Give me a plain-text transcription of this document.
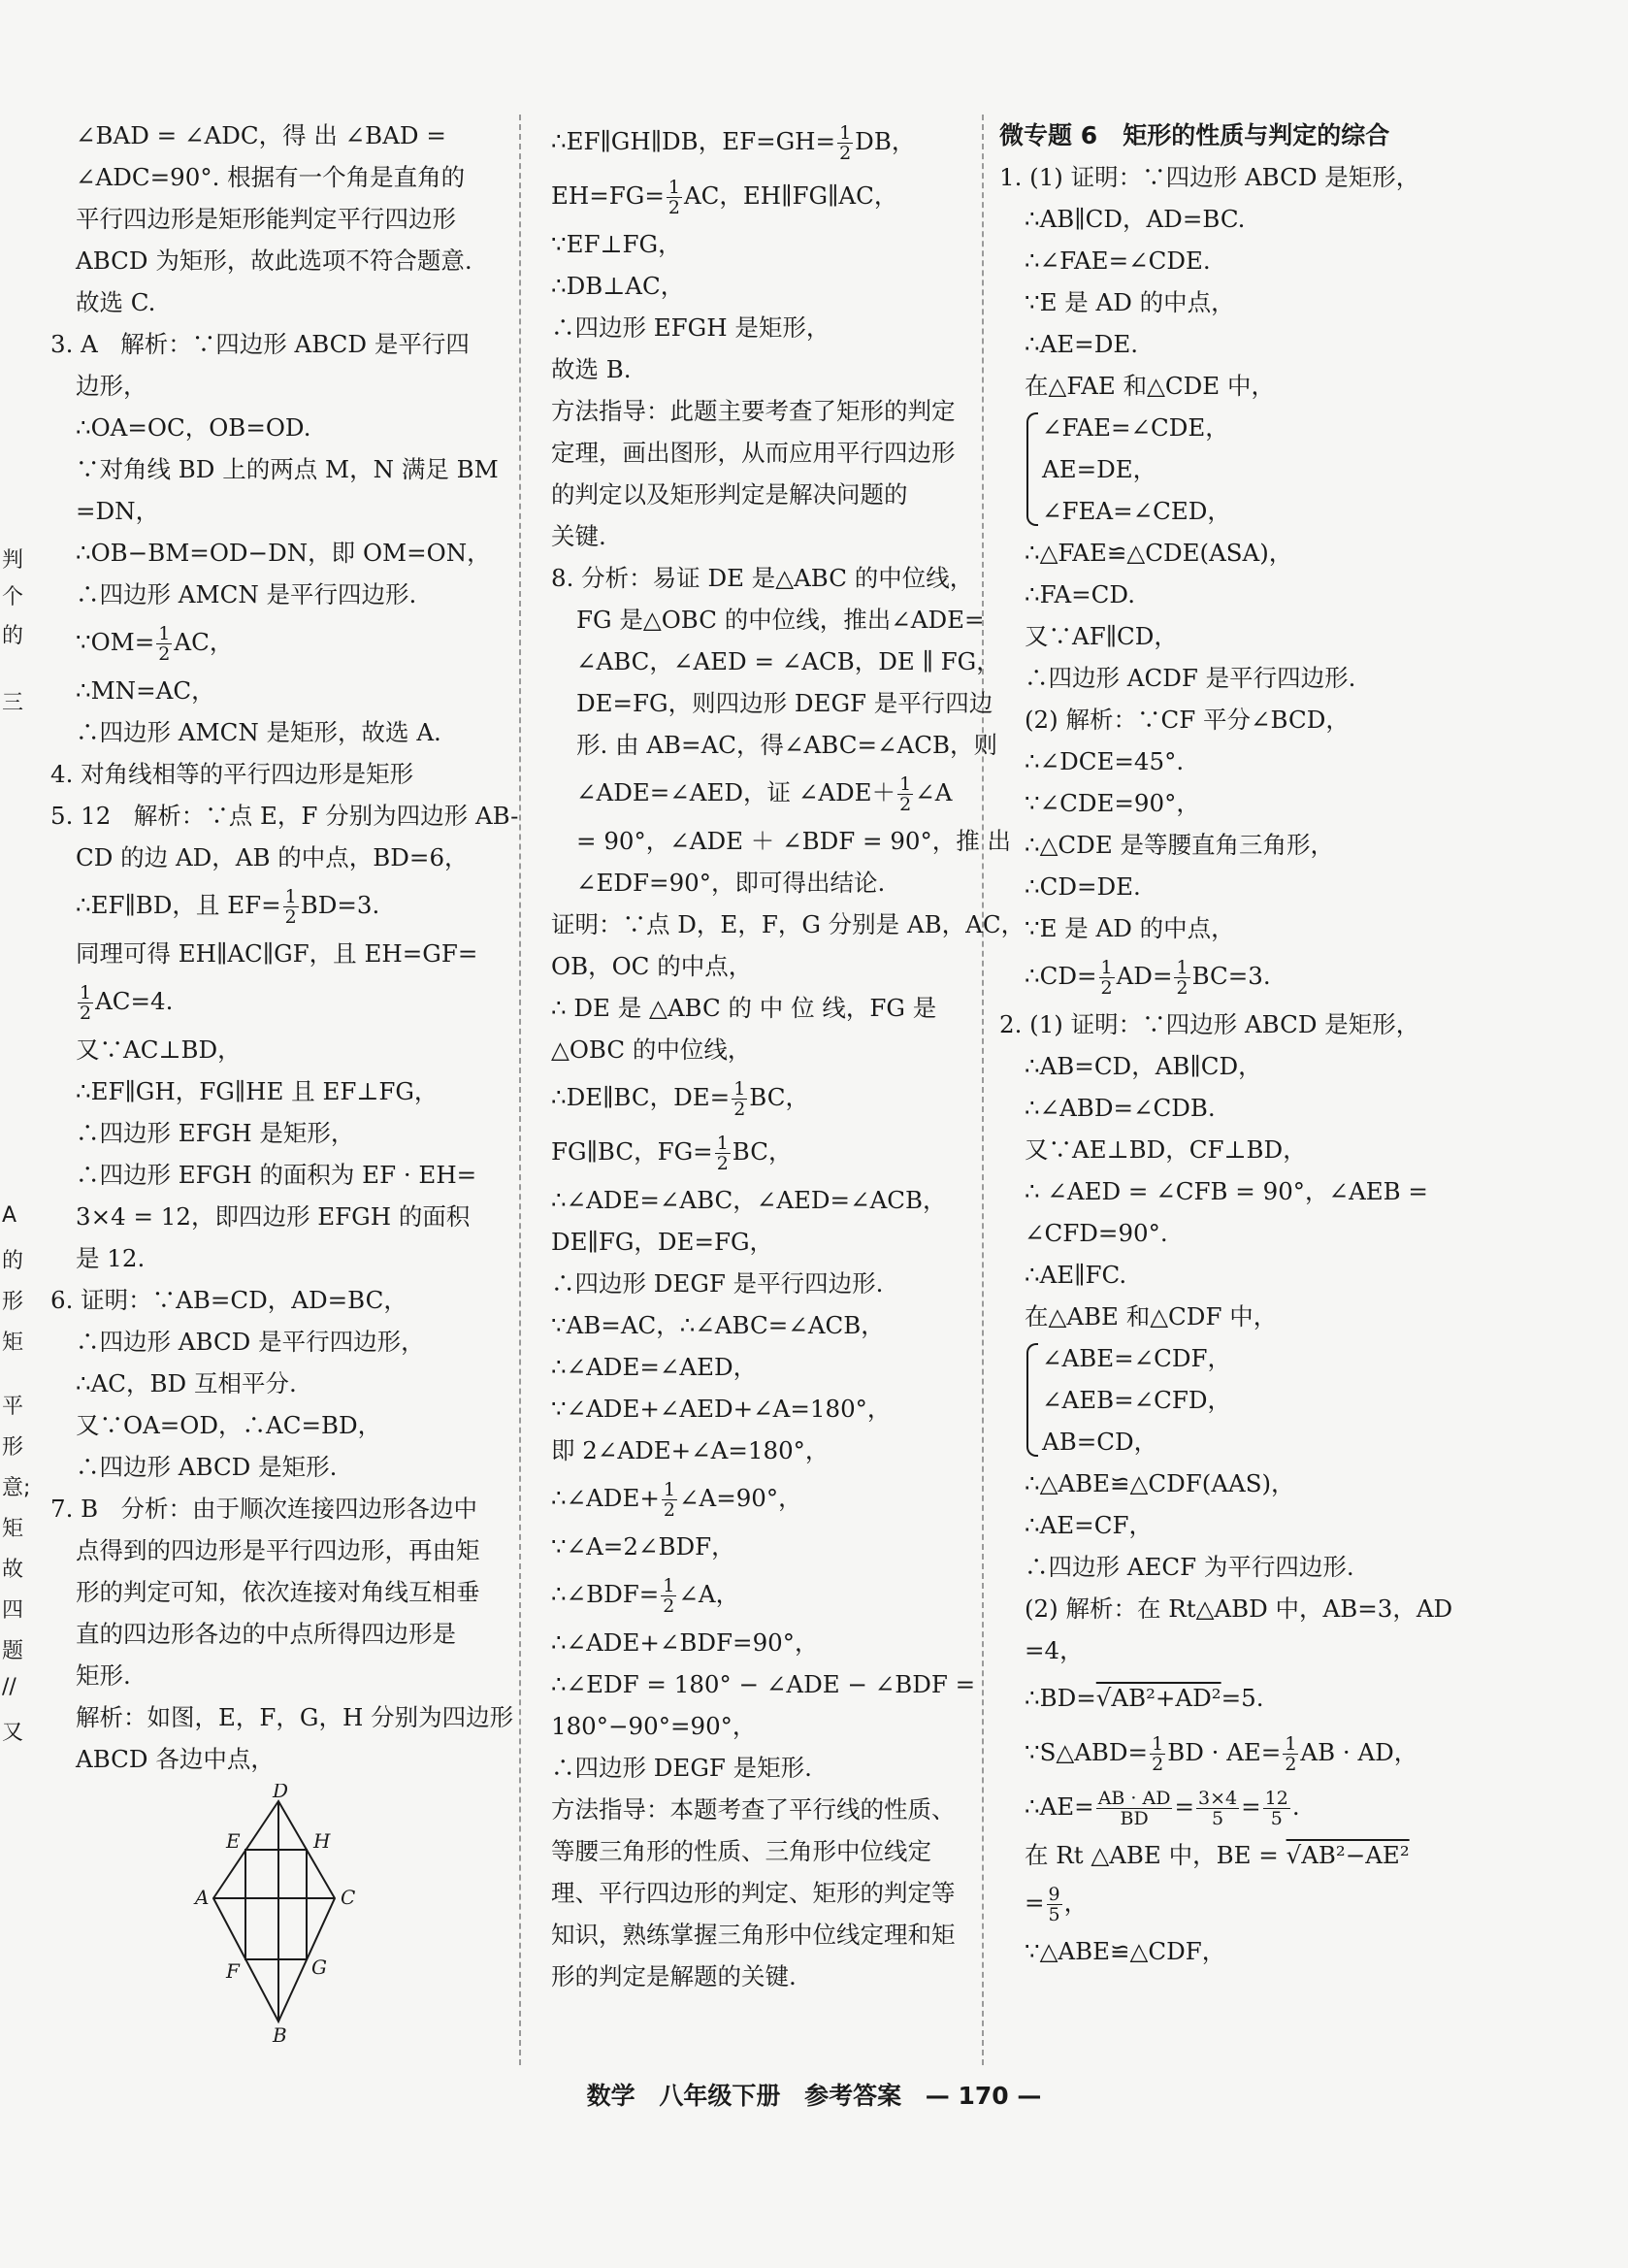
判
个
的
三
A
的
形
矩
平
形
意;
矩
故
四
题
//
又

∠BAD = ∠ADC，得 出 ∠BAD =

∠ADC=90°. 根据有一个角是直角的

平行四边形是矩形能判定平行四边形

ABCD 为矩形，故此选项不符合题意.

故选 C.

3. A   解析：∵四边形 ABCD 是平行四

边形，

∴OA=OC，OB=OD.

∵对角线 BD 上的两点 M，N 满足 BM

=DN，

∴OB−BM=OD−DN，即 OM=ON，

∴四边形 AMCN 是平行四边形.

∵OM= $\frac{1}{2}$ AC，

∴MN=AC，

∴四边形 AMCN 是矩形，故选 A.

4. 对角线相等的平行四边形是矩形

5. 12   解析：∵点 E，F 分别为四边形 AB-

CD 的边 AD，AB 的中点，BD=6，

∴EF∥BD，且 $EF= \frac{1}{2} BD=3$.

同理可得 EH∥AC∥GF，且 EH=GF=

$\frac{1}{2} AC=4$.

又∵AC⊥BD，

∴EF∥GH，FG∥HE 且 EF⊥FG，

∴四边形 EFGH 是矩形，

∴四边形 EFGH 的面积为 EF · EH=

3×4 = 12，即四边形 EFGH 的面积

是 12.

6. 证明：∵AB=CD，AD=BC，

∴四边形 ABCD 是平行四边形，

∴AC，BD 互相平分.

又∵OA=OD，∴AC=BD，

∴四边形 ABCD 是矩形.

7. B   分析：由于顺次连接四边形各边中

点得到的四边形是平行四边形，再由矩

形的判定可知，依次连接对角线互相垂

直的四边形各边的中点所得四边形是

矩形.

解析：如图，E，F，G，H 分别为四边形

ABCD 各边中点，

D
H
E
A	C
F	G
B

∴EF∥GH∥DB，$EF=GH= \frac{1}{2}$ DB，

$EH=FG= \frac{1}{2}$ AC，EH∥FG∥AC，

∵EF⊥FG，

∴DB⊥AC，

∴四边形 EFGH 是矩形，

故选 B.

方法指导：此题主要考查了矩形的判定

定理，画出图形，从而应用平行四边形

的判定以及矩形判定是解决问题的

关键.

8. 分析：易证 DE 是△ABC 的中位线，

FG 是△OBC 的中位线，推出∠ADE=

∠ABC，∠AED = ∠ACB，DE ∥ FG，

DE=FG，则四边形 DEGF 是平行四边

形. 由 AB=AC，得∠ABC=∠ACB，则

∠ADE=∠AED，证 ∠ADE＋ $\frac{1}{2}$ ∠A

= 90°，∠ADE ＋ ∠BDF = 90°，推 出

∠EDF=90°，即可得出结论.

证明：∵点 D，E，F，G 分别是 AB，AC，

OB，OC 的中点，

∴ DE 是 △ABC 的 中 位 线，FG 是

△OBC 的中位线，

∴DE∥BC，$DE= \frac{1}{2}$ BC，

FG∥BC，$FG= \frac{1}{2}$ BC，

∴∠ADE=∠ABC，∠AED=∠ACB，

DE∥FG，DE=FG，

∴四边形 DEGF 是平行四边形.

∵AB=AC，∴∠ABC=∠ACB，

∴∠ADE=∠AED，

∵∠ADE+∠AED+∠A=180°，

即 2∠ADE+∠A=180°，

∴∠ADE+ $\frac{1}{2}$ ∠A=90°，

∵∠A=2∠BDF，

∴∠BDF= $\frac{1}{2}$ ∠A，

∴∠ADE+∠BDF=90°，

∴∠EDF = 180° − ∠ADE − ∠BDF =

180°−90°=90°，

∴四边形 DEGF 是矩形.

方法指导：本题考查了平行线的性质、

等腰三角形的性质、三角形中位线定

理、平行四边形的判定、矩形的判定等

知识，熟练掌握三角形中位线定理和矩

形的判定是解题的关键.

微专题 6   矩形的性质与判定的综合

1. (1) 证明：∵四边形 ABCD 是矩形，

∴AB∥CD，AD=BC.

∴∠FAE=∠CDE.

∵E 是 AD 的中点，

∴AE=DE.

在△FAE 和△CDE 中，

∠FAE=∠CDE，

AE=DE，

∠FEA=∠CED，

∴△FAE≌△CDE(ASA)，

∴FA=CD.

又∵AF∥CD，

∴四边形 ACDF 是平行四边形.

(2) 解析：∵CF 平分∠BCD，

∴∠DCE=45°.

∵∠CDE=90°，

∴△CDE 是等腰直角三角形，

∴CD=DE.

∵E 是 AD 的中点，

∴CD= $\frac{1}{2} AD= \frac{1}{2} BC=3$.

2. (1) 证明：∵四边形 ABCD 是矩形，

∴AB=CD，AB∥CD，

∴∠ABD=∠CDB.

又∵AE⊥BD，CF⊥BD，

∴ ∠AED = ∠CFB = 90°，∠AEB =

∠CFD=90°.

∴AE∥FC.

在△ABE 和△CDF 中，

∠ABE=∠CDF，

∠AEB=∠CFD，

AB=CD，

∴△ABE≌△CDF(AAS)，

∴AE=CF，

∴四边形 AECF 为平行四边形.

(2) 解析：在 Rt△ABD 中，AB=3，AD

=4，

∴BD=√AB²+AD²=5.

∵S△ABD= $\frac{1}{2}$ BD · $AE= \frac{1}{2}$ AB · AD，

∴AE= $\frac{AB \cdot AD}{BD} = \frac{3\times 4}{5} = \frac{12}{5}$ .

在 Rt △ABE 中，BE = √AB²−AE²

= $\frac{9}{5}$ ，

∵△ABE≌△CDF，

数学 八年级下册 参考答案 — 170 —
